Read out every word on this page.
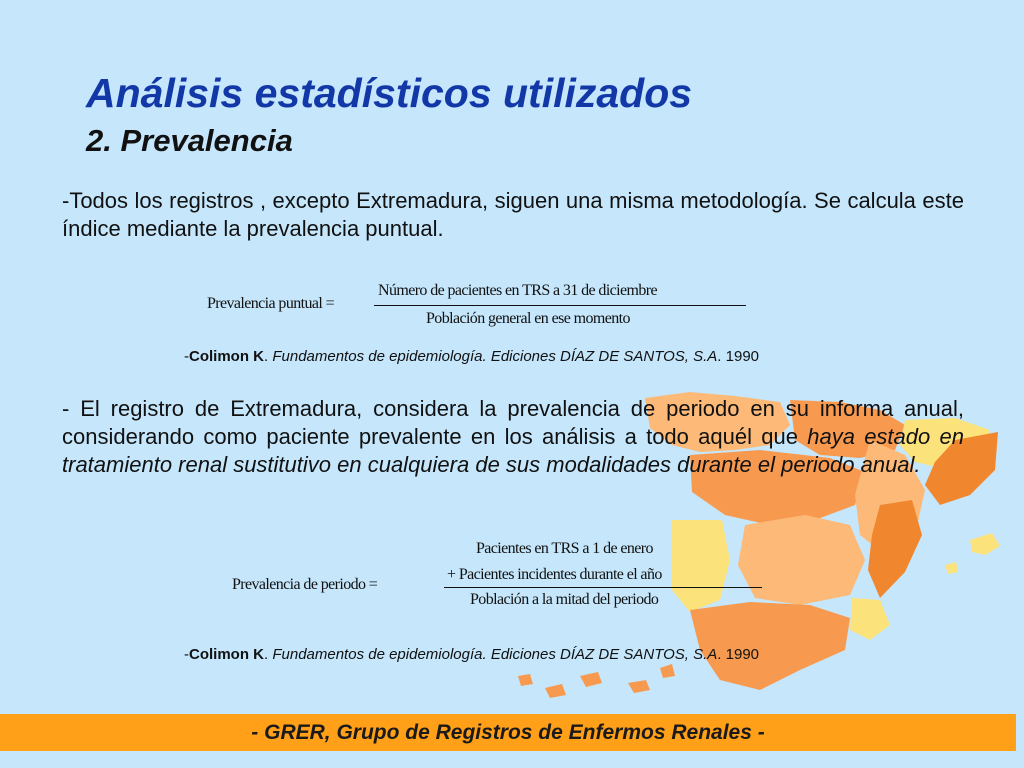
Análisis estadísticos utilizados
2. Prevalencia

-Todos los registros , excepto Extremadura, siguen una misma metodología. Se calcula este índice mediante la prevalencia puntual.

Prevalencia puntual =
Número de pacientes en TRS a 31 de diciembre
Población general en ese momento
-Colimon K. Fundamentos de epidemiología. Ediciones DÍAZ DE SANTOS, S.A. 1990

- El registro de Extremadura, considera la prevalencia de periodo en su informa anual, considerando como paciente prevalente en los análisis a todo aquél que haya estado en tratamiento renal sustitutivo en cualquiera de sus modalidades durante el periodo anual.

Prevalencia de periodo =
Pacientes en TRS a 1 de enero
+ Pacientes incidentes durante el año
Población a la mitad del periodo
-Colimon K. Fundamentos de epidemiología. Ediciones DÍAZ DE SANTOS, S.A. 1990
- GRER, Grupo de Registros de Enfermos Renales -
